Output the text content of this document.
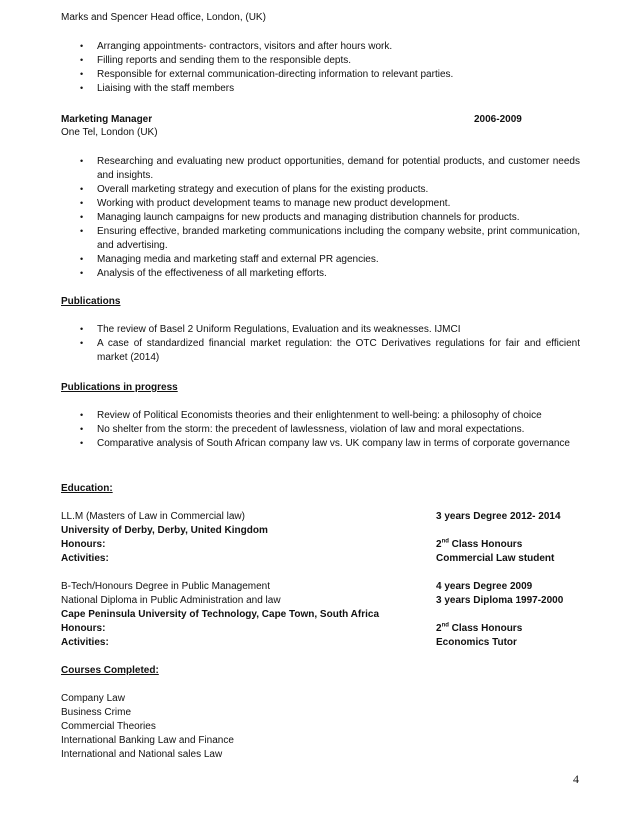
Marks and Spencer Head office, London, (UK)
• Arranging appointments- contractors, visitors and after hours work.
• Filling reports and sending them to the responsible depts.
• Responsible for external communication-directing information to relevant parties.
• Liaising with the staff members
Marketing Manager	2006-2009
One Tel, London (UK)
• Researching and evaluating new product opportunities, demand for potential products, and customer needs and insights.
• Overall marketing strategy and execution of plans for the existing products.
• Working with product development teams to manage new product development.
• Managing launch campaigns for new products and managing distribution channels for products.
• Ensuring effective, branded marketing communications including the company website, print communication, and advertising.
• Managing media and marketing staff and external PR agencies.
• Analysis of the effectiveness of all marketing efforts.
Publications
• The review of Basel 2 Uniform Regulations, Evaluation and its weaknesses. IJMCI
• A case of standardized financial market regulation: the OTC Derivatives regulations for fair and efficient market (2014)
Publications in progress
• Review of Political Economists theories and their enlightenment to well-being: a philosophy of choice
• No shelter from the storm: the precedent of lawlessness, violation of law and moral expectations.
• Comparative analysis of South African company law vs. UK company law in terms of corporate governance
Education:
LL.M (Masters of Law in Commercial law)	3 years Degree 2012- 2014
University of Derby, Derby, United Kingdom
Honours:	2nd Class Honours
Activities:	Commercial Law student
B-Tech/Honours Degree in Public Management	4 years Degree 2009
National Diploma in Public Administration and law	3 years Diploma 1997-2000
Cape Peninsula University of Technology, Cape Town, South Africa
Honours:	2nd Class Honours
Activities:	Economics Tutor
Courses Completed:
Company Law
Business Crime
Commercial Theories
International Banking Law and Finance
International and National sales Law
4
